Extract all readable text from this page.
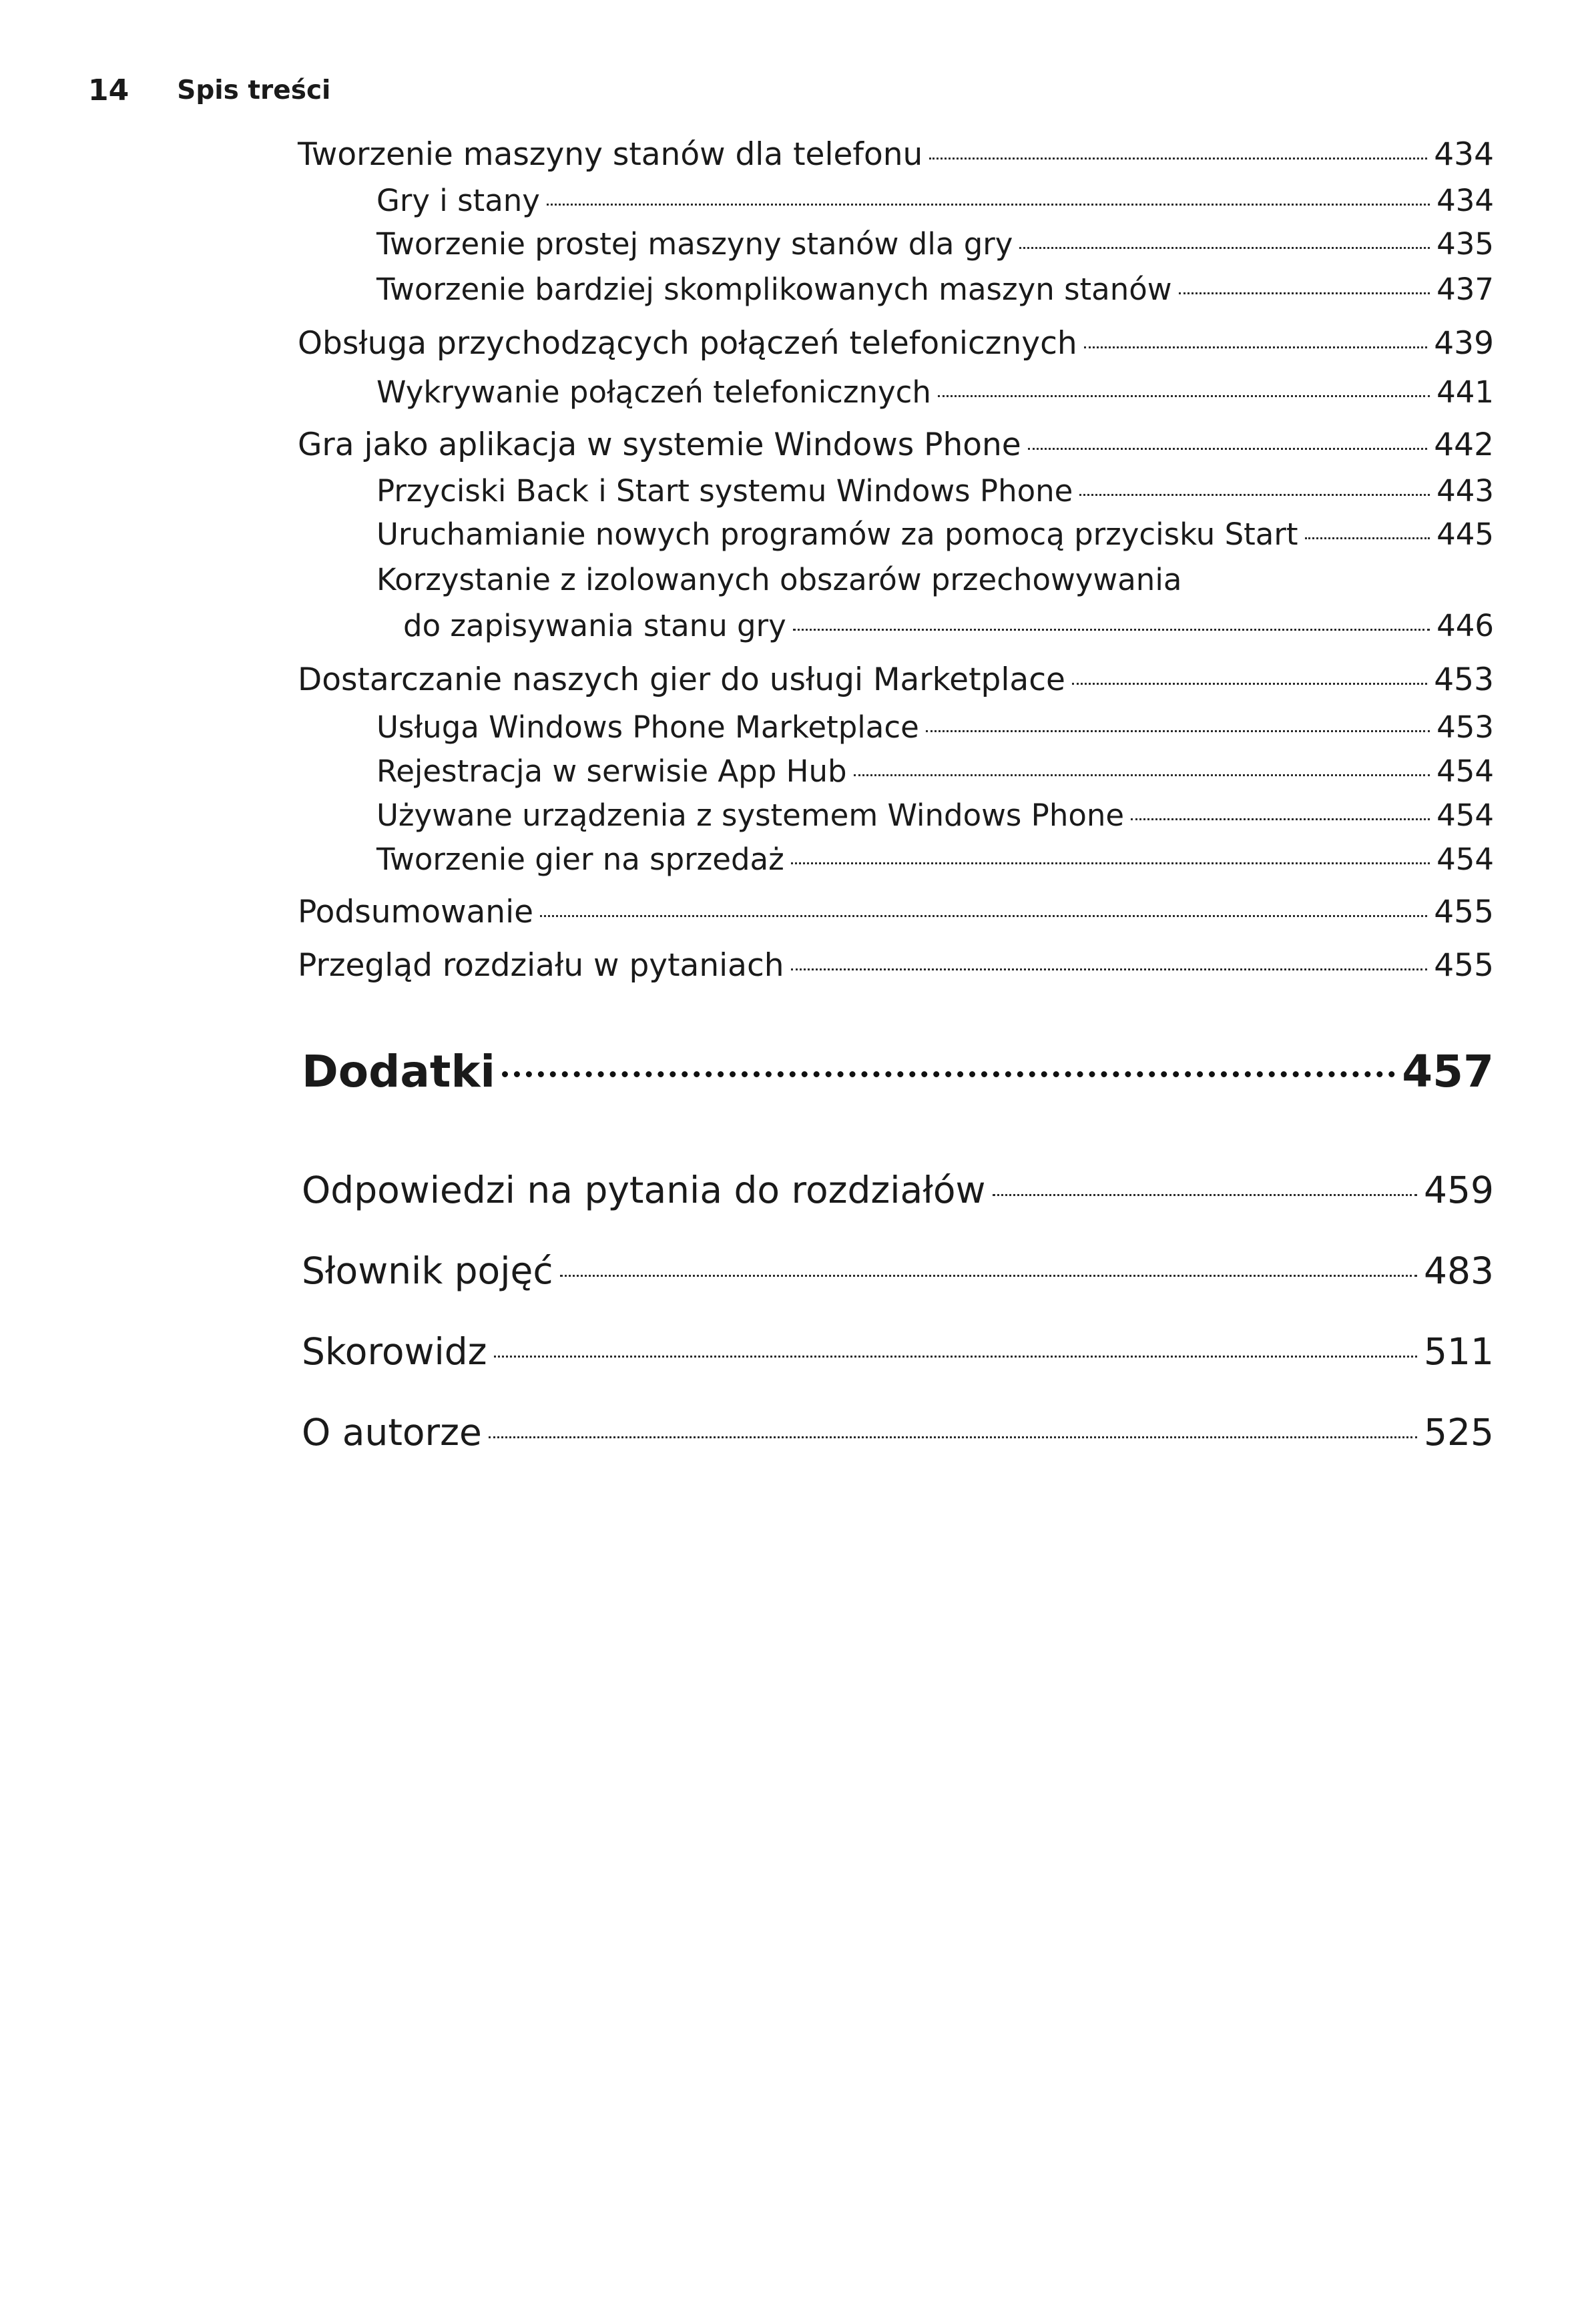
14 Spis treści
Tworzenie maszyny stanów dla telefonu	434
Gry i stany	434
Tworzenie prostej maszyny stanów dla gry	435
Tworzenie bardziej skomplikowanych maszyn stanów	437
Obsługa przychodzących połączeń telefonicznych	439
Wykrywanie połączeń telefonicznych	441
Gra jako aplikacja w systemie Windows Phone	442
Przyciski Back i Start systemu Windows Phone	443
Uruchamianie nowych programów za pomocą przycisku Start	445
Korzystanie z izolowanych obszarów przechowywania
do zapisywania stanu gry	446
Dostarczanie naszych gier do usługi Marketplace	453
Usługa Windows Phone Marketplace	453
Rejestracja w serwisie App Hub	454
Używane urządzenia z systemem Windows Phone	454
Tworzenie gier na sprzedaż	454
Podsumowanie	455
Przegląd rozdziału w pytaniach	455
Dodatki	457
Odpowiedzi na pytania do rozdziałów	459
Słownik pojęć	483
Skorowidz	511
O autorze	525
